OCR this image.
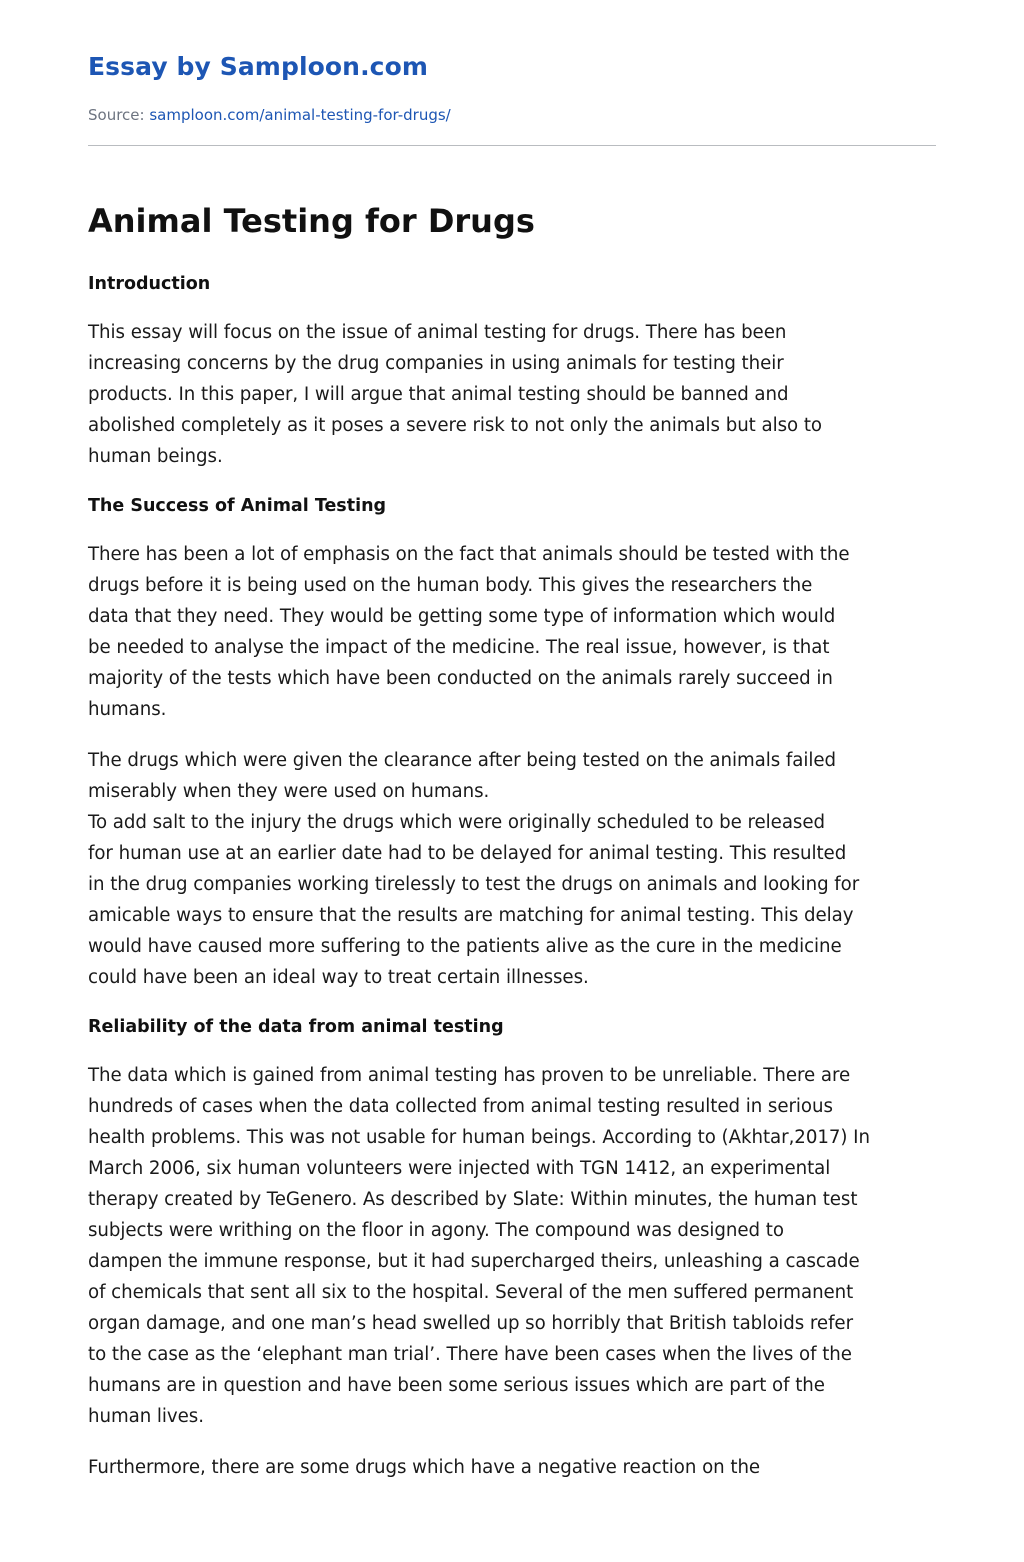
Essay by Samploon.com
Source: samploon.com/animal-testing-for-drugs/
Animal Testing for Drugs
Introduction

This essay will focus on the issue of animal testing for drugs. There has been
increasing concerns by the drug companies in using animals for testing their
products. In this paper, I will argue that animal testing should be banned and
abolished completely as it poses a severe risk to not only the animals but also to
human beings.

The Success of Animal Testing

There has been a lot of emphasis on the fact that animals should be tested with the
drugs before it is being used on the human body. This gives the researchers the
data that they need. They would be getting some type of information which would
be needed to analyse the impact of the medicine. The real issue, however, is that
majority of the tests which have been conducted on the animals rarely succeed in
humans.

The drugs which were given the clearance after being tested on the animals failed
miserably when they were used on humans.
To add salt to the injury the drugs which were originally scheduled to be released
for human use at an earlier date had to be delayed for animal testing. This resulted
in the drug companies working tirelessly to test the drugs on animals and looking for
amicable ways to ensure that the results are matching for animal testing. This delay
would have caused more suffering to the patients alive as the cure in the medicine
could have been an ideal way to treat certain illnesses.

Reliability of the data from animal testing

The data which is gained from animal testing has proven to be unreliable. There are
hundreds of cases when the data collected from animal testing resulted in serious
health problems. This was not usable for human beings. According to (Akhtar,2017) In
March 2006, six human volunteers were injected with TGN 1412, an experimental
therapy created by TeGenero. As described by Slate: Within minutes, the human test
subjects were writhing on the floor in agony. The compound was designed to
dampen the immune response, but it had supercharged theirs, unleashing a cascade
of chemicals that sent all six to the hospital. Several of the men suffered permanent
organ damage, and one man’s head swelled up so horribly that British tabloids refer
to the case as the ‘elephant man trial’. There have been cases when the lives of the
humans are in question and have been some serious issues which are part of the
human lives.

Furthermore, there are some drugs which have a negative reaction on the
